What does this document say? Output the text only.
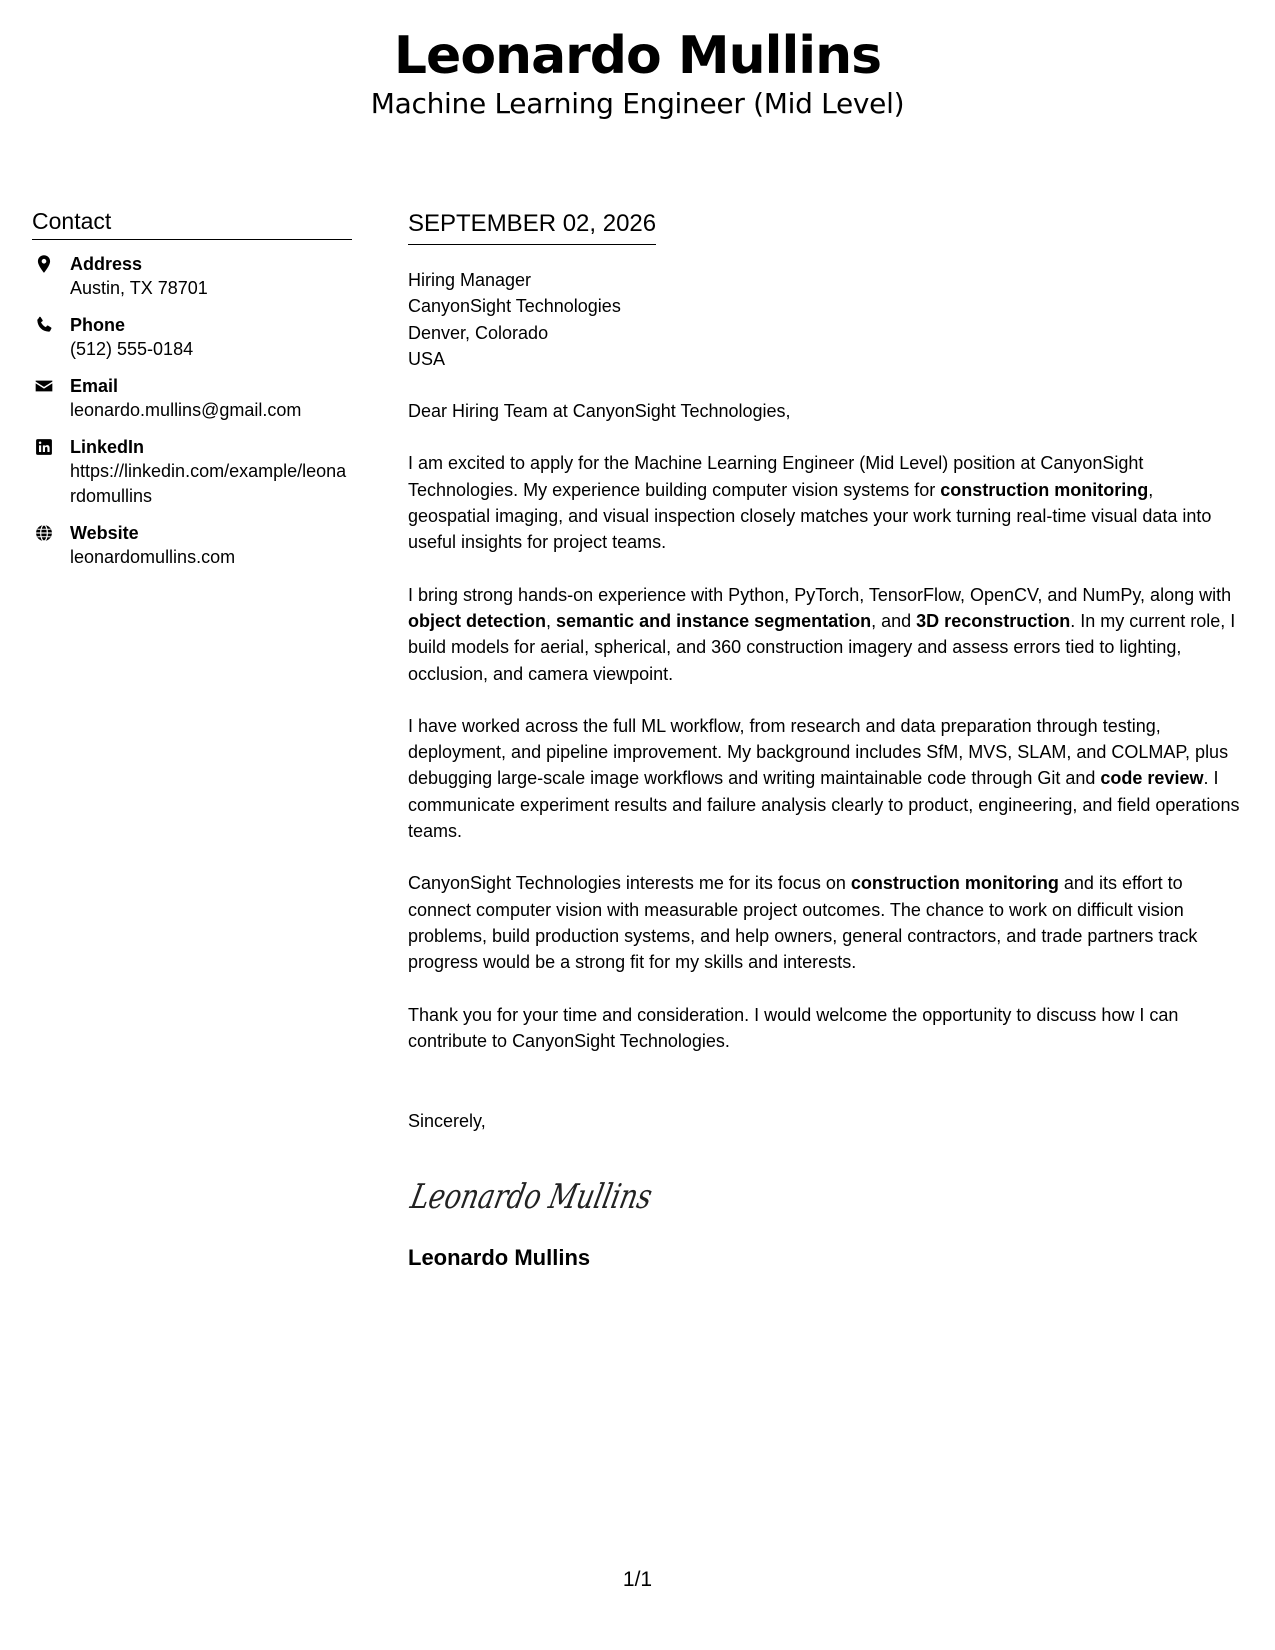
Leonardo Mullins
Machine Learning Engineer (Mid Level)
Contact
Address
Austin, TX 78701
Phone
(512) 555-0184
Email
leonardo.mullins@gmail.com
LinkedIn
https://linkedin.com/example/leonardomullins
Website
leonardomullins.com
SEPTEMBER 02, 2026
Hiring Manager
CanyonSight Technologies
Denver, Colorado
USA
Dear Hiring Team at CanyonSight Technologies,
I am excited to apply for the Machine Learning Engineer (Mid Level) position at CanyonSight Technologies. My experience building computer vision systems for construction monitoring, geospatial imaging, and visual inspection closely matches your work turning real-time visual data into useful insights for project teams.
I bring strong hands-on experience with Python, PyTorch, TensorFlow, OpenCV, and NumPy, along with object detection, semantic and instance segmentation, and 3D reconstruction. In my current role, I build models for aerial, spherical, and 360 construction imagery and assess errors tied to lighting, occlusion, and camera viewpoint.
I have worked across the full ML workflow, from research and data preparation through testing, deployment, and pipeline improvement. My background includes SfM, MVS, SLAM, and COLMAP, plus debugging large-scale image workflows and writing maintainable code through Git and code review. I communicate experiment results and failure analysis clearly to product, engineering, and field operations teams.
CanyonSight Technologies interests me for its focus on construction monitoring and its effort to connect computer vision with measurable project outcomes. The chance to work on difficult vision problems, build production systems, and help owners, general contractors, and trade partners track progress would be a strong fit for my skills and interests.
Thank you for your time and consideration. I would welcome the opportunity to discuss how I can contribute to CanyonSight Technologies.
Sincerely,
Leonardo Mullins
Leonardo Mullins
1/1
